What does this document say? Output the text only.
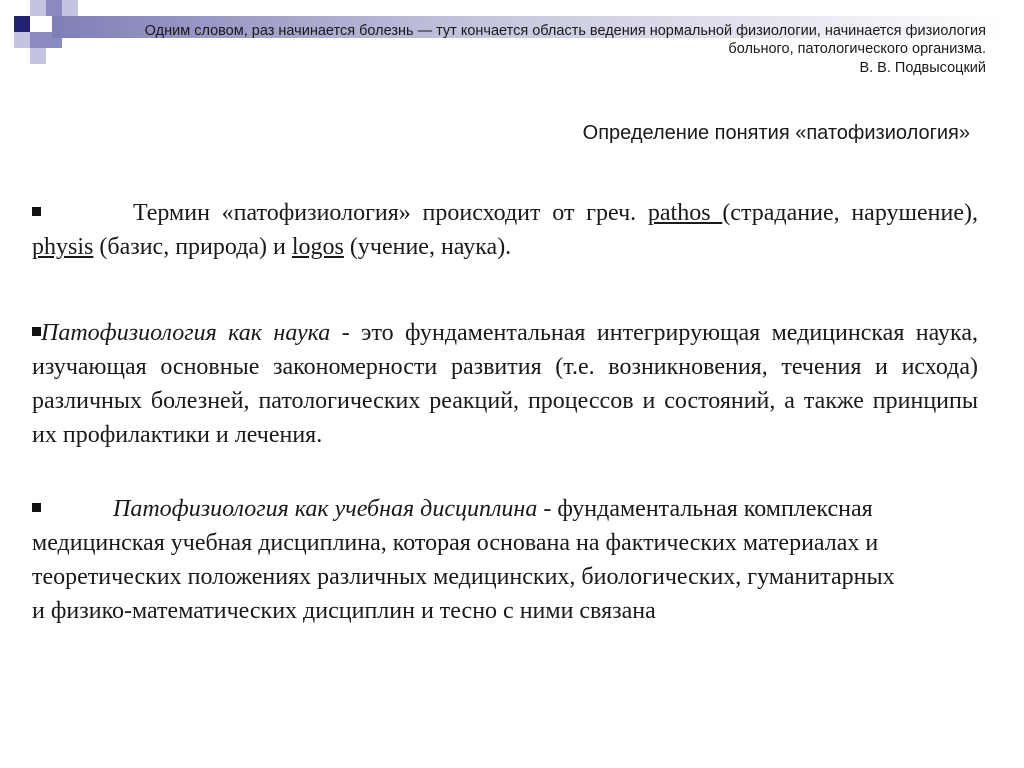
Одним словом, раз начинается болезнь — тут кончается область ведения нормальной физиологии, начинается физиология

больного, патологического организма.

В. В. Подвысоцкий

Определение понятия «патофизиология»

Термин «патофизиология» происходит от греч. pathos (страдание, нарушение), physis (базис, природа) и logos (учение, наука).

Патофизиология как наука - это фундаментальная интегрирующая медицинская наука, изучающая основные закономерности развития (т.е. возникновения, течения и исхода) различных болезней, патологических реакций, процессов и состояний, а также принципы их профилактики и лечения.

Патофизиология как учебная дисциплина - фундаментальная комплексная медицинская учебная дисциплина, которая основана на фактических материалах и теоретических положениях различных медицинских, биологических, гуманитарных и физико-математических дисциплин и тесно с ними связана
